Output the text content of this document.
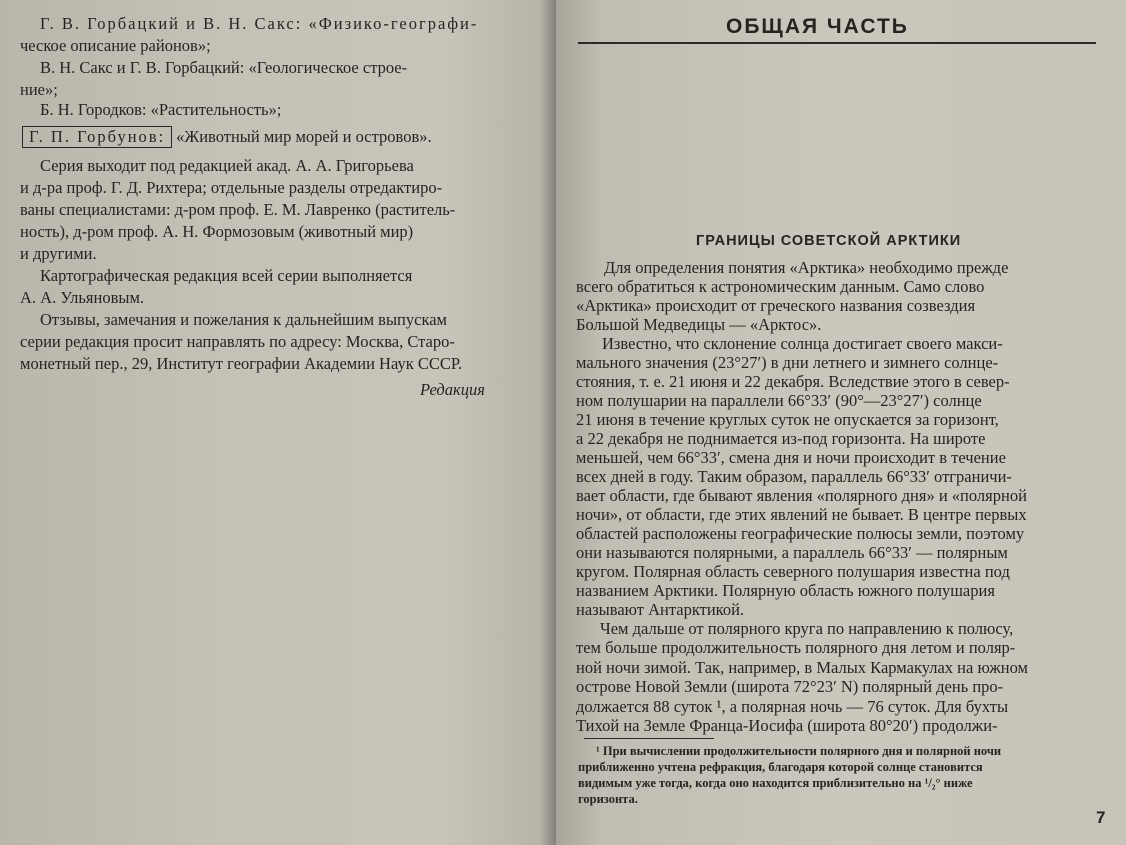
Г. В. Горбацкий и В. Н. Сакс: «Физико-географи-
ческое описание районов»;
В. Н. Сакс и Г. В. Горбацкий: «Геологическое строе-
ние»;
Б. Н. Городков: «Растительность»;
Г. П. Горбунов: «Животный мир морей и островов».
Серия выходит под редакцией акад. А. А. Григорьева
и д-ра проф. Г. Д. Рихтера; отдельные разделы отредактиро-
ваны специалистами: д-ром проф. Е. М. Лавренко (раститель-
ность), д-ром проф. А. Н. Формозовым (животный мир)
и другими.
Картографическая редакция всей серии выполняется
А. А. Ульяновым.
Отзывы, замечания и пожелания к дальнейшим выпускам
серии редакция просит направлять по адресу: Москва, Старо-
монетный пер., 29, Институт географии Академии Наук СССР.
Редакция
ОБЩАЯ ЧАСТЬ
ГРАНИЦЫ СОВЕТСКОЙ АРКТИКИ
Для определения понятия «Арктика» необходимо прежде
всего обратиться к астрономическим данным. Само слово
«Арктика» происходит от греческого названия созвездия
Большой Медведицы — «Арктос».
Известно, что склонение солнца достигает своего макси-
мального значения (23°27′) в дни летнего и зимнего солнце-
стояния, т. е. 21 июня и 22 декабря. Вследствие этого в север-
ном полушарии на параллели 66°33′ (90°—23°27′) солнце
21 июня в течение круглых суток не опускается за горизонт,
а 22 декабря не поднимается из-под горизонта. На широте
меньшей, чем 66°33′, смена дня и ночи происходит в течение
всех дней в году. Таким образом, параллель 66°33′ отграничи-
вает области, где бывают явления «полярного дня» и «полярной
ночи», от области, где этих явлений не бывает. В центре первых
областей расположены географические полюсы земли, поэтому
они называются полярными, а параллель 66°33′ — полярным
кругом. Полярная область северного полушария известна под
названием Арктики. Полярную область южного полушария
называют Антарктикой.
Чем дальше от полярного круга по направлению к полюсу,
тем больше продолжительность полярного дня летом и поляр-
ной ночи зимой. Так, например, в Малых Кармакулах на южном
острове Новой Земли (широта 72°23′ N) полярный день про-
должается 88 суток ¹, а полярная ночь — 76 суток. Для бухты
Тихой на Земле Франца-Иосифа (широта 80°20′) продолжи-
¹ При вычислении продолжительности полярного дня и полярной ночи
приближенно учтена рефракция, благодаря которой солнце становится
видимым уже тогда, когда оно находится приблизительно на ¹/₂° ниже
горизонта.
7
